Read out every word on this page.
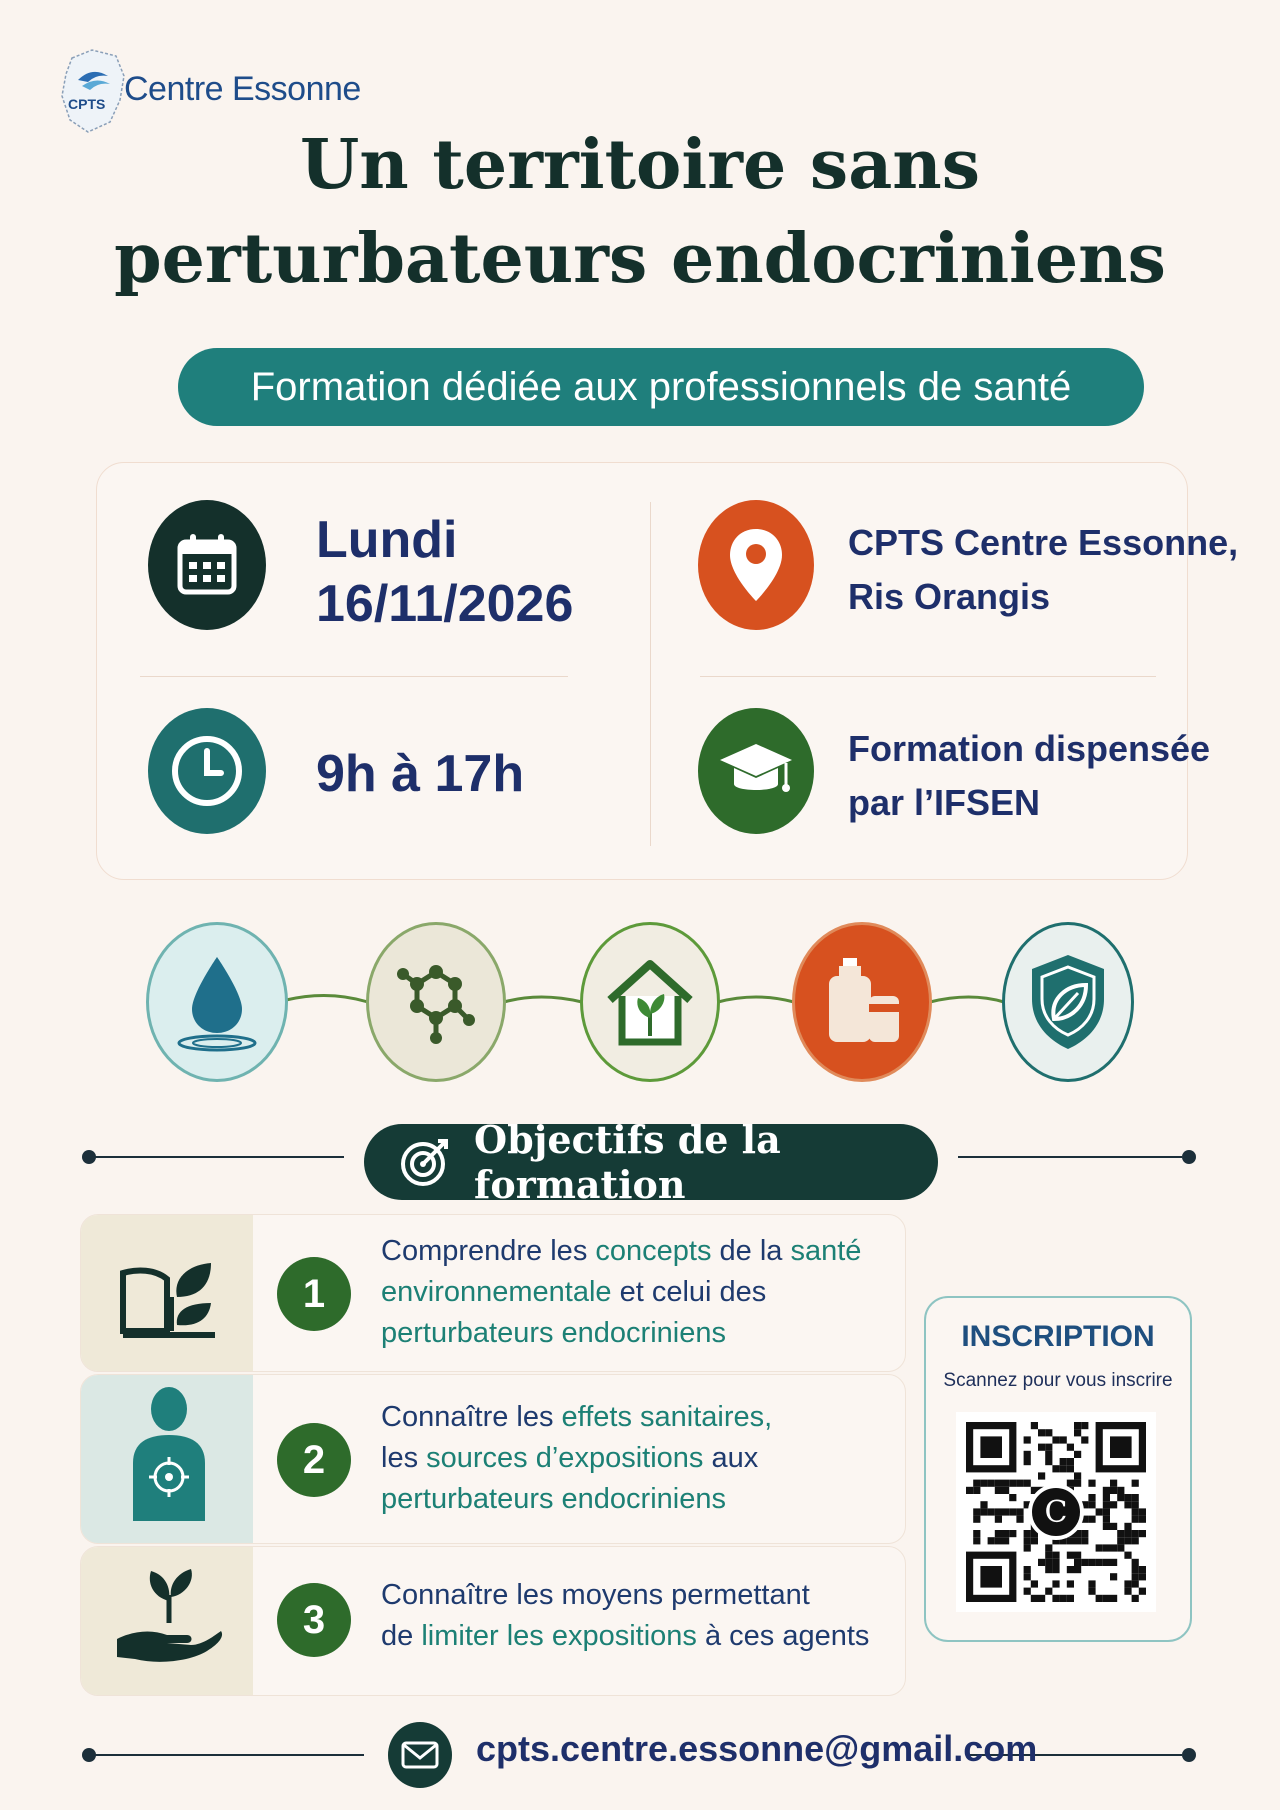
CPTS Centre Essonne
Un territoire sans
perturbateurs endocriniens
Formation dédiée aux professionnels de santé
Lundi
16/11/2026
9h à 17h
CPTS Centre Essonne,
Ris Orangis
Formation dispensée
par l’IFSEN
Objectifs de la formation
1
Comprendre les concepts de la santé
environnementale et celui des
perturbateurs endocriniens
2
Connaître les effets sanitaires,
les sources d’expositions aux
perturbateurs endocriniens
3
Connaître les moyens permettant
de limiter les expositions à ces agents
INSCRIPTION
Scannez pour vous inscrire
C
cpts.centre.essonne@gmail.com
